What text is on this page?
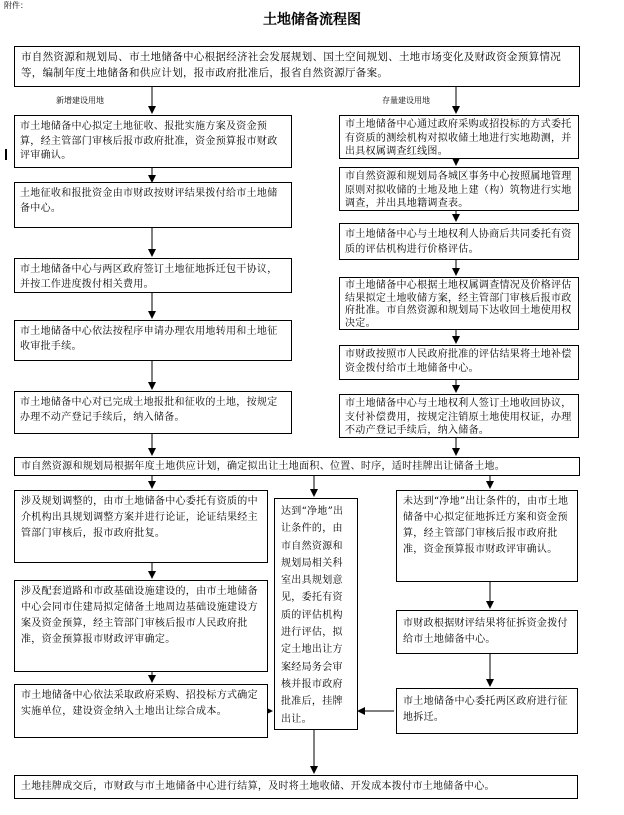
附件：
土地储备流程图
市自然资源和规划局、市土地储备中心根据经济社会发展规划、国土空间规划、土地市场变化及财政资金预算情况等，编制年度土地储备和供应计划，报市政府批准后，报省自然资源厅备案。
新增建设用地	存量建设用地
市土地储备中心拟定土地征收、报批实施方案及资金预算，经主管部门审核后报市政府批准，资金预算报市财政评审确认。
土地征收和报批资金由市财政按财评结果拨付给市土地储备中心。
市土地储备中心与两区政府签订土地征地拆迁包干协议，并按工作进度拨付相关费用。
市土地储备中心依法按程序申请办理农用地转用和土地征收审批手续。
市土地储备中心对已完成土地报批和征收的土地，按规定办理不动产登记手续后，纳入储备。
市土地储备中心通过政府采购或招投标的方式委托有资质的测绘机构对拟收储土地进行实地勘测，并出具权属调查红线图。
市自然资源和规划局各城区事务中心按照属地管理原则对拟收储的土地及地上建（构）筑物进行实地调查，并出具地籍调查表。
市土地储备中心与土地权利人协商后共同委托有资质的评估机构进行价格评估。
市土地储备中心根据土地权属调查情况及价格评估结果拟定土地收储方案，经主管部门审核后报市政府批准。市自然资源和规划局下达收回土地使用权决定。
市财政按照市人民政府批准的评估结果将土地补偿资金拨付给市土地储备中心。
市土地储备中心与土地权利人签订土地收回协议，支付补偿费用，按规定注销原土地使用权证，办理不动产登记手续后，纳入储备。
市自然资源和规划局根据年度土地供应计划，确定拟出让土地面积、位置、时序，适时挂牌出让储备土地。
涉及规划调整的，由市土地储备中心委托有资质的中介机构出具规划调整方案并进行论证，论证结果经主管部门审核后，报市政府批复。
涉及配套道路和市政基础设施建设的，由市土地储备中心会同市住建局拟定储备土地周边基础设施建设方案及资金预算，经主管部门审核后报市人民政府批准，资金预算报市财政评审确定。
市土地储备中心依法采取政府采购、招投标方式确定实施单位，建设资金纳入土地出让综合成本。
达到“净地”出让条件的，由市自然资源和规划局相关科室出具规划意见，委托有资质的评估机构进行评估，拟定土地出让方案经局务会审核并报市政府批准后，挂牌出让。
未达到“净地”出让条件的，由市土地储备中心拟定征地拆迁方案和资金预算，经主管部门审核后报市政府批准，资金预算报市财政评审确认。
市财政根据财评结果将征拆资金拨付给市土地储备中心。
市土地储备中心委托两区政府进行征地拆迁。
土地挂牌成交后，市财政与市土地储备中心进行结算，及时将土地收储、开发成本拨付市土地储备中心。
